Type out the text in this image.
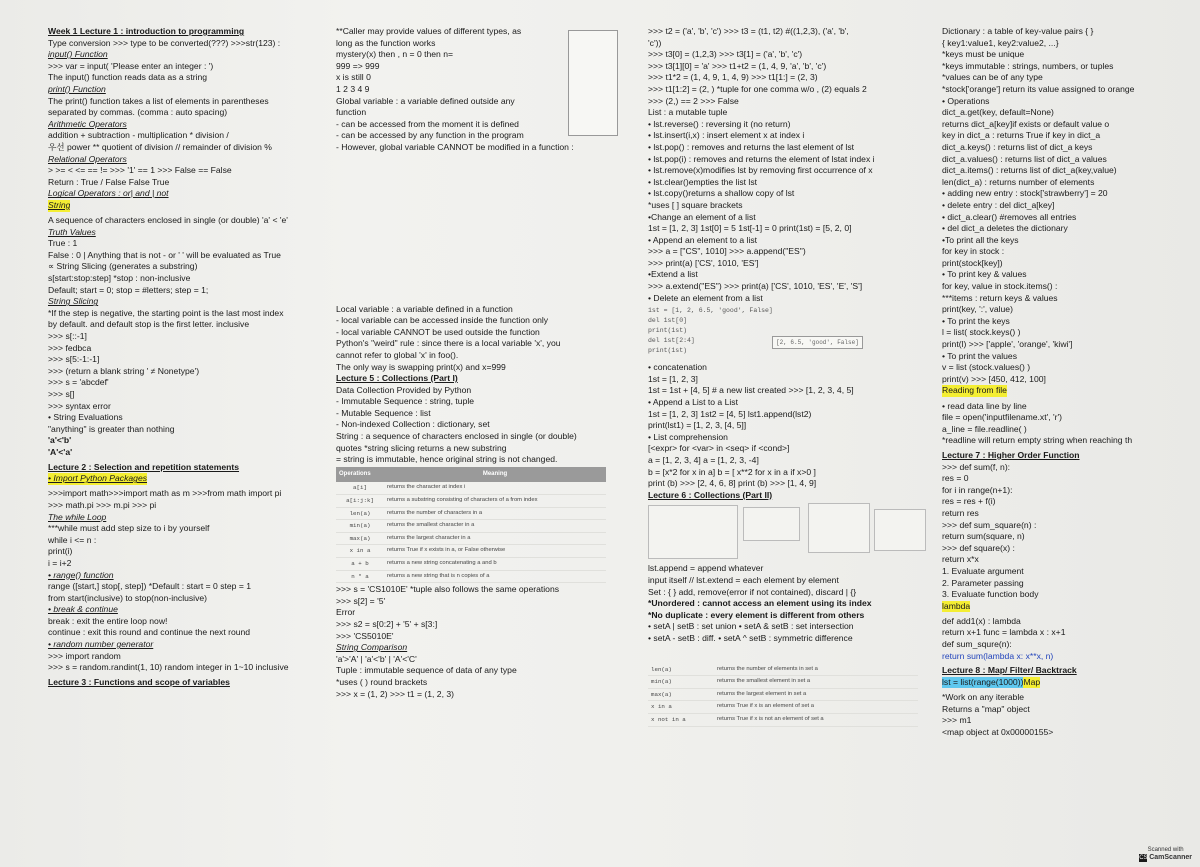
Week 1 Lecture 1 : introduction to programming
Type conversion >>> type to be converted(???) >>>str(123) :
input() Function
>>> var = input( 'Please enter an integer : ')
The input() function reads data as a string
print() Function
The print() function takes a list of elements in parentheses
separated by commas. (comma : auto spacing)
Arithmetic Operators
addition + subtraction - multiplication * division /
우선 power ** quotient of division // remainder of division %
Relational Operators
> >= < <= == != >>> '1' == 1 >>> False == False
Return : True / False False True
Logical Operators : or| and | not
String
A sequence of characters enclosed in single (or double) 'a' < 'e'
Truth Values
True : 1
False : 0 | Anything that is not - or ' ' will be evaluated as True
∝ String Slicing (generates a substring)
s[start:stop:step] *stop : non-inclusive
Default; start = 0; stop = #letters; step = 1;
String Slicing
*If the step is negative, the starting point is the last most index
by default. and default stop is the first letter. inclusive
>>> s[::-1]
>>> fedbca
>>> s[5:-1:-1]
>>> (return a blank string ' ≠ Nonetype')
>>> s = 'abcdef'
>>> s[]
>>> syntax error
• String Evaluations
"anything" is greater than nothing
'a'<'b'
'A'<'a'
Lecture 2 : Selection and repetition statements
• Import Python Packages
>>>import math>>>import math as m >>>from math import pi
>>> math.pi >>> m.pi >>> pi
The while Loop
***while must add step size to i by yourself
while i <= n :
print(i)
i = i+2
• range() function
range ([start,] stop[, step]) *Default : start = 0 step = 1
from start(inclusive) to stop(non-inclusive)
• break & continue
break : exit the entire loop now!
continue : exit this round and continue the next round
• random number generator
>>> import random
>>> s = random.randint(1, 10) random integer in 1~10 inclusive
Lecture 3 : Functions and scope of variables
**Caller may provide values of different types, as
long as the function works
mystery(x) then , n = 0 then n=
999 => 999
x is still 0
1 2 3 4 9
Global variable : a variable defined outside any
function
- can be accessed from the moment it is defined
- can be accessed by any function in the program
- However, global variable CANNOT be modified in a function :
Local variable : a variable defined in a function
- local variable can be accessed inside the function only
- local variable CANNOT be used outside the function
Python's "weird" rule : since there is a local variable 'x', you
cannot refer to global 'x' in foo().
The only way is swapping print(x) and x=999
Lecture 5 : Collections (Part I)
Data Collection Provided by Python
- Immutable Sequence : string, tuple
- Mutable Sequence : list
- Non-indexed Collection : dictionary, set
String : a sequence of characters enclosed in single (or double)
quotes *string slicing returns a new substring
= string is immutable, hence original string is not changed.
Operations	Meaning
a[i]	returns the character at index i
a[i:j:k]	returns a substring consisting of characters of a from index
len(a)	returns the number of characters in a
min(a)	returns the smallest character in a
max(a)	returns the largest character in a
x in a	returns True if x exists in a, or False otherwise
a + b	returns a new string concatenating a and b
n * a	returns a new string that is n copies of a
>>> s = 'CS1010E' *tuple also follows the same operations
>>> s[2] = '5'
Error
>>> s2 = s[0:2] + '5' + s[3:]
>>> 'CS5010E'
String Comparison
'a'>'A' | 'a'<'b' | 'A'<'C'
Tuple : immutable sequence of data of any type
*uses ( ) round brackets
>>> x = (1, 2) >>> t1 = (1, 2, 3)
>>> t2 = ('a', 'b', 'c') >>> t3 = (t1, t2) #((1,2,3), ('a', 'b',
'c'))
>>> t3[0] = (1,2,3) >>> t3[1] = ('a', 'b', 'c')
>>> t3[1][0] = 'a' >>> t1+t2 = (1, 4, 9, 'a', 'b', 'c')
>>> t1*2 = (1, 4, 9, 1, 4, 9) >>> t1[1:] = (2, 3)
>>> t1[1:2] = (2, ) *tuple for one comma w/o , (2) equals 2
>>> (2,) == 2 >>> False
List : a mutable tuple
• lst.reverse() : reversing it (no return)
• lst.insert(i,x) : insert element x at index i
• lst.pop() : removes and returns the last element of lst
• lst.pop(i) : removes and returns the element of lstat index i
• lst.remove(x)modifies lst by removing first occurrence of x
• lst.clear()empties the list lst
• lst.copy()returns a shallow copy of lst
*uses [ ] square brackets
•Change an element of a list
1st = [1, 2, 3] 1st[0] = 5 1st[-1] = 0 print(1st) = [5, 2, 0]
• Append an element to a list
>>> a = ["CS", 1010] >>> a.append("ES")
>>> print(a) ['CS', 1010, 'ES']
•Extend a list
>>> a.extend("ES") >>> print(a) ['CS', 1010, 'ES', 'E', 'S']
• Delete an element from a list
1st = [1, 2, 6.5, 'good', False]
del 1st[0]
print(1st)
del 1st[2:4]
print(1st)
[2, 6.5, 'good', False]
• concatenation
1st = [1, 2, 3]
1st = 1st + [4, 5] # a new list created >>> [1, 2, 3, 4, 5]
• Append a List to a List
1st = [1, 2, 3] 1st2 = [4, 5] lst1.append(lst2)
print(lst1) = [1, 2, 3, [4, 5]]
• List comprehension
[<expr> for <var> in <seq> if <cond>]
a = [1, 2, 3, 4] a = [1, 2, 3, -4]
b = [x*2 for x in a] b = [ x**2 for x in a if x>0 ]
print (b) >>> [2, 4, 6, 8] print (b) >>> [1, 4, 9]
Lecture 6 : Collections (Part II)
lst.append = append whatever
input itself // lst.extend = each element by element
Set : { } add, remove(error if not contained), discard | {}
*Unordered : cannot access an element using its index
*No duplicate : every element is different from others
• setA | setB : set union • setA & setB : set intersection
• setA - setB : diff. • setA ^ setB : symmetric difference
len(a)	returns the number of elements in set a
min(a)	returns the smallest element in set a
max(a)	returns the largest element in set a
x in a	returns True if x is an element of set a
x not in a	returns True if x is not an element of set a
Dictionary : a table of key-value pairs { }
{ key1:value1, key2:value2, ...}
*keys must be unique
*keys immutable : strings, numbers, or tuples
*values can be of any type
*stock['orange'] return its value assigned to orange
• Operations
dict_a.get(key, default=None)
returns dict_a[key]if exists or default value o
key in dict_a : returns True if key in dict_a
dict_a.keys() : returns list of dict_a keys
dict_a.values() : returns list of dict_a values
dict_a.items() : returns list of dict_a(key,value)
len(dict_a) : returns number of elements
• adding new entry : stock['strawberry'] = 20
• delete entry : del dict_a[key]
• dict_a.clear() #removes all entries
• del dict_a deletes the dictionary
•To print all the keys
for key in stock :
print(stock[key])
• To print key & values
for key, value in stock.items() :
***items : return keys & values
print(key, ':', value)
• To print the keys
l = list( stock.keys() )
print(l) >>> ['apple', 'orange', 'kiwi']
• To print the values
v = list (stock.values() )
print(v) >>> [450, 412, 100]
Reading from file
• read data line by line
file = open('inputfilename.xt', 'r')
a_line = file.readline( )
*readline will return empty string when reaching th
Lecture 7 : Higher Order Function
>>> def sum(f, n):
res = 0
for i in range(n+1):
res = res + f(i)
return res
>>> def sum_square(n) :
return sum(square, n)
>>> def square(x) :
return x*x
1. Evaluate argument
2. Parameter passing
3. Evaluate function body
lambda
def add1(x) : lambda
return x+1 func = lambda x : x+1
def sum_squre(n):
return sum(lambda x: x**x, n)
Lecture 8 : Map/ Filter/ Backtrack
lst = list(range(1000))Map
*Work on any iterable
Returns a "map" object
>>> m1
<map object at 0x00000155>
Scanned with
CS CamScanner
